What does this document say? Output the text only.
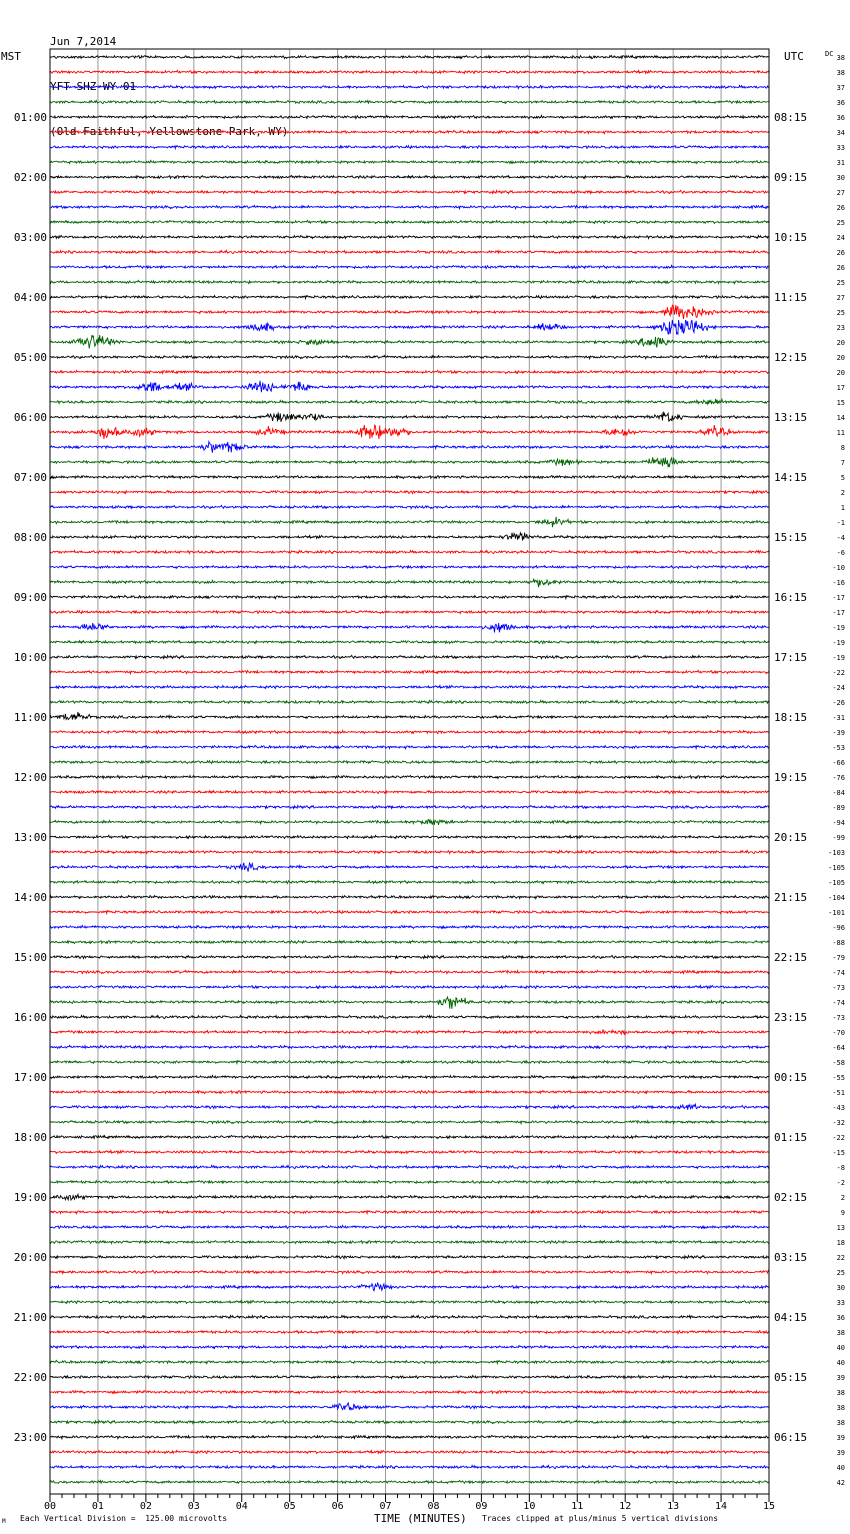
Jun 7,2014

YFT SHZ WY 01

(Old Faithful, Yellowstone Park, WY)

MST	UTC	DC
01:00
02:00
03:00
04:00
05:00
06:00
07:00
08:00
09:00
10:00
11:00
12:00
13:00
14:00
15:00
16:00
17:00
18:00
19:00
20:00
21:00
22:00
23:00
08:15
09:15
10:15
11:15
12:15
13:15
14:15
15:15
16:15
17:15
18:15
19:15
20:15
21:15
22:15
23:15
00:15
01:15
02:15
03:15
04:15
05:15
06:15
38
38
37
36
36
34
33
31
30
27
26
25
24
26
26
25
27
25
23
20
20
20
17
15
14
11
8
7
5
2
1
-1
-4
-6
-10
-16
-17
-17
-19
-19
-19
-22
-24
-26
-31
-39
-53
-66
-76
-84
-89
-94
-99
-103
-105
-105
-104
-101
-96
-88
-79
-74
-73
-74
-73
-70
-64
-58
-55
-51
-43
-32
-22
-15
-8
-2
2
9
13
18
22
25
30
33
36
38
40
40
39
38
38
38
39
39
40
42
00	01	02	03	04	05	06	07	08	09	10	11	12	13	14	15
M Each Vertical Division =  125.00 microvolts	TIME (MINUTES) Traces clipped at plus/minus 5 vertical divisions
